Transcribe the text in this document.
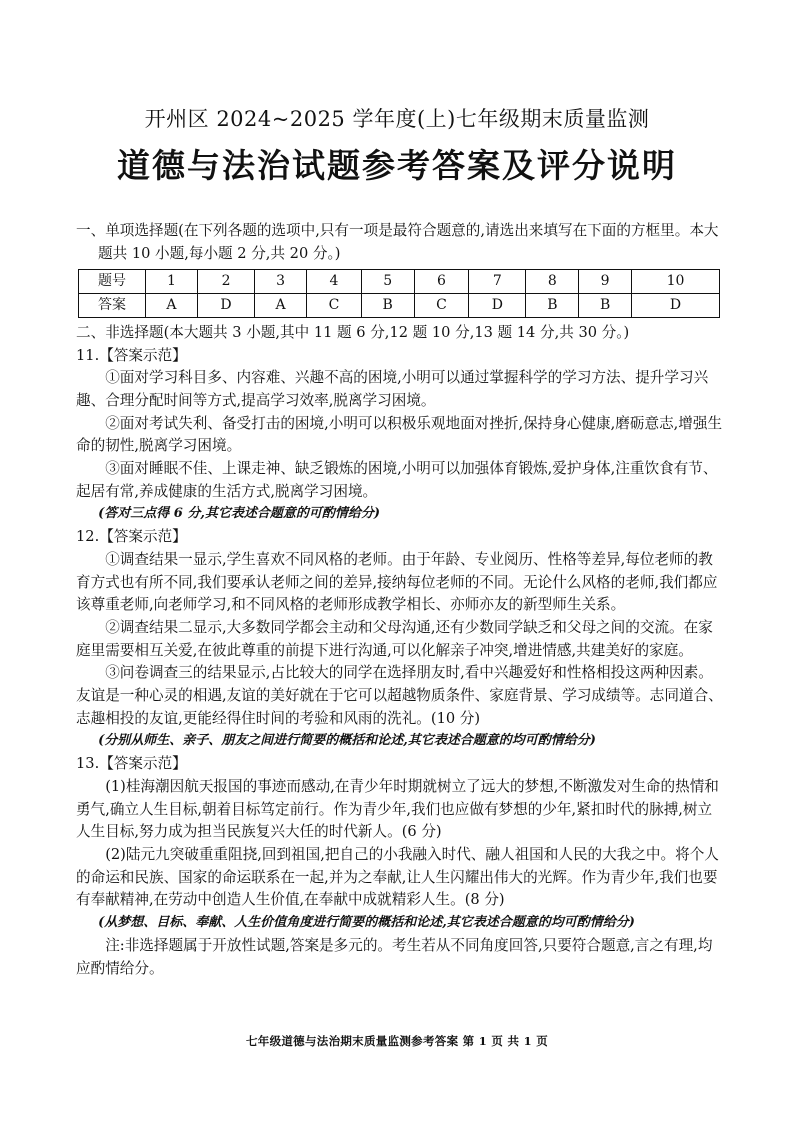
开州区 2024~2025 学年度(上)七年级期末质量监测
道德与法治试题参考答案及评分说明

一、单项选择题(在下列各题的选项中,只有一项是最符合题意的,请选出来填写在下面的方框里。本大题共 10 小题,每小题 2 分,共 20 分。)

题号	1	2	3	4	5	6	7	8	9	10
答案	A	D	A	C	B	C	D	B	B	D

二、非选择题(本大题共 3 小题,其中 11 题 6 分,12 题 10 分,13 题 14 分,共 30 分。)

11.【答案示范】

①面对学习科目多、内容难、兴趣不高的困境,小明可以通过掌握科学的学习方法、提升学习兴趣、合理分配时间等方式,提高学习效率,脱离学习困境。

②面对考试失利、备受打击的困境,小明可以积极乐观地面对挫折,保持身心健康,磨砺意志,增强生命的韧性,脱离学习困境。

③面对睡眠不佳、上课走神、缺乏锻炼的困境,小明可以加强体育锻炼,爱护身体,注重饮食有节、起居有常,养成健康的生活方式,脱离学习困境。

(答对三点得 6 分,其它表述合题意的可酌情给分)

12.【答案示范】

①调查结果一显示,学生喜欢不同风格的老师。由于年龄、专业阅历、性格等差异,每位老师的教育方式也有所不同,我们要承认老师之间的差异,接纳每位老师的不同。无论什么风格的老师,我们都应该尊重老师,向老师学习,和不同风格的老师形成教学相长、亦师亦友的新型师生关系。

②调查结果二显示,大多数同学都会主动和父母沟通,还有少数同学缺乏和父母之间的交流。在家庭里需要相互关爱,在彼此尊重的前提下进行沟通,可以化解亲子冲突,增进情感,共建美好的家庭。

③问卷调查三的结果显示,占比较大的同学在选择朋友时,看中兴趣爱好和性格相投这两种因素。友谊是一种心灵的相遇,友谊的美好就在于它可以超越物质条件、家庭背景、学习成绩等。志同道合、志趣相投的友谊,更能经得住时间的考验和风雨的洗礼。(10 分)

(分别从师生、亲子、朋友之间进行简要的概括和论述,其它表述合题意的均可酌情给分)

13.【答案示范】

(1)桂海潮因航天报国的事迹而感动,在青少年时期就树立了远大的梦想,不断激发对生命的热情和勇气,确立人生目标,朝着目标笃定前行。作为青少年,我们也应做有梦想的少年,紧扣时代的脉搏,树立人生目标,努力成为担当民族复兴大任的时代新人。(6 分)

(2)陆元九突破重重阻挠,回到祖国,把自己的小我融入时代、融人祖国和人民的大我之中。将个人的命运和民族、国家的命运联系在一起,并为之奉献,让人生闪耀出伟大的光辉。作为青少年,我们也要有奉献精神,在劳动中创造人生价值,在奉献中成就精彩人生。(8 分)

(从梦想、目标、奉献、人生价值角度进行简要的概括和论述,其它表述合题意的均可酌情给分)

注:非选择题属于开放性试题,答案是多元的。考生若从不同角度回答,只要符合题意,言之有理,均应酌情给分。

七年级道德与法治期末质量监测参考答案 第 1 页 共 1 页
